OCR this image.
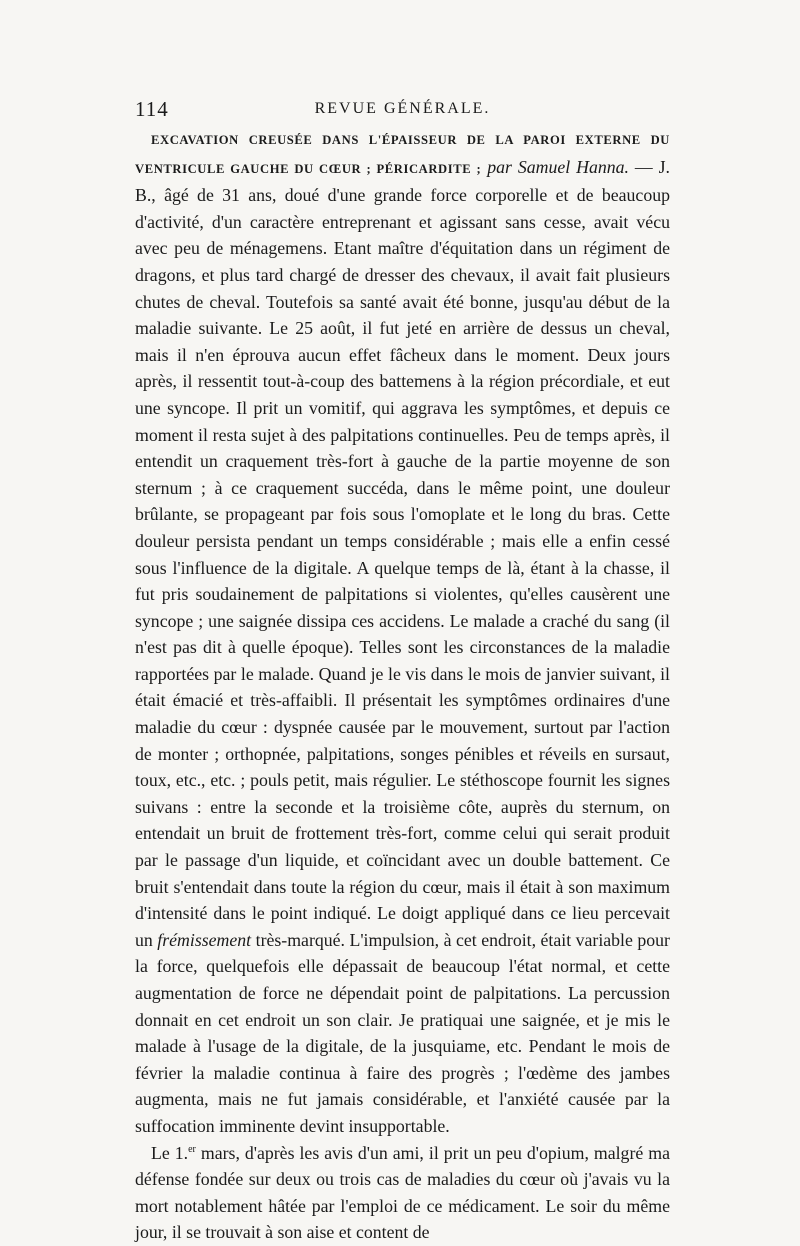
114	REVUE GÉNÉRALE.

EXCAVATION CREUSÉE DANS L'ÉPAISSEUR DE LA PAROI EXTERNE DU VENTRICULE GAUCHE DU CŒUR ; PÉRICARDITE ; par Samuel Hanna. — J. B., âgé de 31 ans, doué d'une grande force corporelle et de beaucoup d'activité, d'un caractère entreprenant et agissant sans cesse, avait vécu avec peu de ménagemens. Etant maître d'équitation dans un régiment de dragons, et plus tard chargé de dresser des chevaux, il avait fait plusieurs chutes de cheval. Toutefois sa santé avait été bonne, jusqu'au début de la maladie suivante. Le 25 août, il fut jeté en arrière de dessus un cheval, mais il n'en éprouva aucun effet fâcheux dans le moment. Deux jours après, il ressentit tout-à-coup des battemens à la région précordiale, et eut une syncope. Il prit un vomitif, qui aggrava les symptômes, et depuis ce moment il resta sujet à des palpitations continuelles. Peu de temps après, il entendit un craquement très-fort à gauche de la partie moyenne de son sternum ; à ce craquement succéda, dans le même point, une douleur brûlante, se propageant par fois sous l'omoplate et le long du bras. Cette douleur persista pendant un temps considérable ; mais elle a enfin cessé sous l'influence de la digitale. A quelque temps de là, étant à la chasse, il fut pris soudainement de palpitations si violentes, qu'elles causèrent une syncope ; une saignée dissipa ces accidens. Le malade a craché du sang (il n'est pas dit à quelle époque). Telles sont les circonstances de la maladie rapportées par le malade. Quand je le vis dans le mois de janvier suivant, il était émacié et très-affaibli. Il présentait les symptômes ordinaires d'une maladie du cœur : dyspnée causée par le mouvement, surtout par l'action de monter ; orthopnée, palpitations, songes pénibles et réveils en sursaut, toux, etc., etc. ; pouls petit, mais régulier. Le stéthoscope fournit les signes suivans : entre la seconde et la troisième côte, auprès du sternum, on entendait un bruit de frottement très-fort, comme celui qui serait produit par le passage d'un liquide, et coïncidant avec un double battement. Ce bruit s'entendait dans toute la région du cœur, mais il était à son maximum d'intensité dans le point indiqué. Le doigt appliqué dans ce lieu percevait un frémissement très-marqué. L'impulsion, à cet endroit, était variable pour la force, quelquefois elle dépassait de beaucoup l'état normal, et cette augmentation de force ne dépendait point de palpitations. La percussion donnait en cet endroit un son clair. Je pratiquai une saignée, et je mis le malade à l'usage de la digitale, de la jusquiame, etc. Pendant le mois de février la maladie continua à faire des progrès ; l'œdème des jambes augmenta, mais ne fut jamais considérable, et l'anxiété causée par la suffocation imminente devint insupportable.

Le 1.$^{er}$ mars, d'après les avis d'un ami, il prit un peu d'opium, malgré ma défense fondée sur deux ou trois cas de maladies du cœur où j'avais vu la mort notablement hâtée par l'emploi de ce médicament. Le soir du même jour, il se trouvait à son aise et content de
